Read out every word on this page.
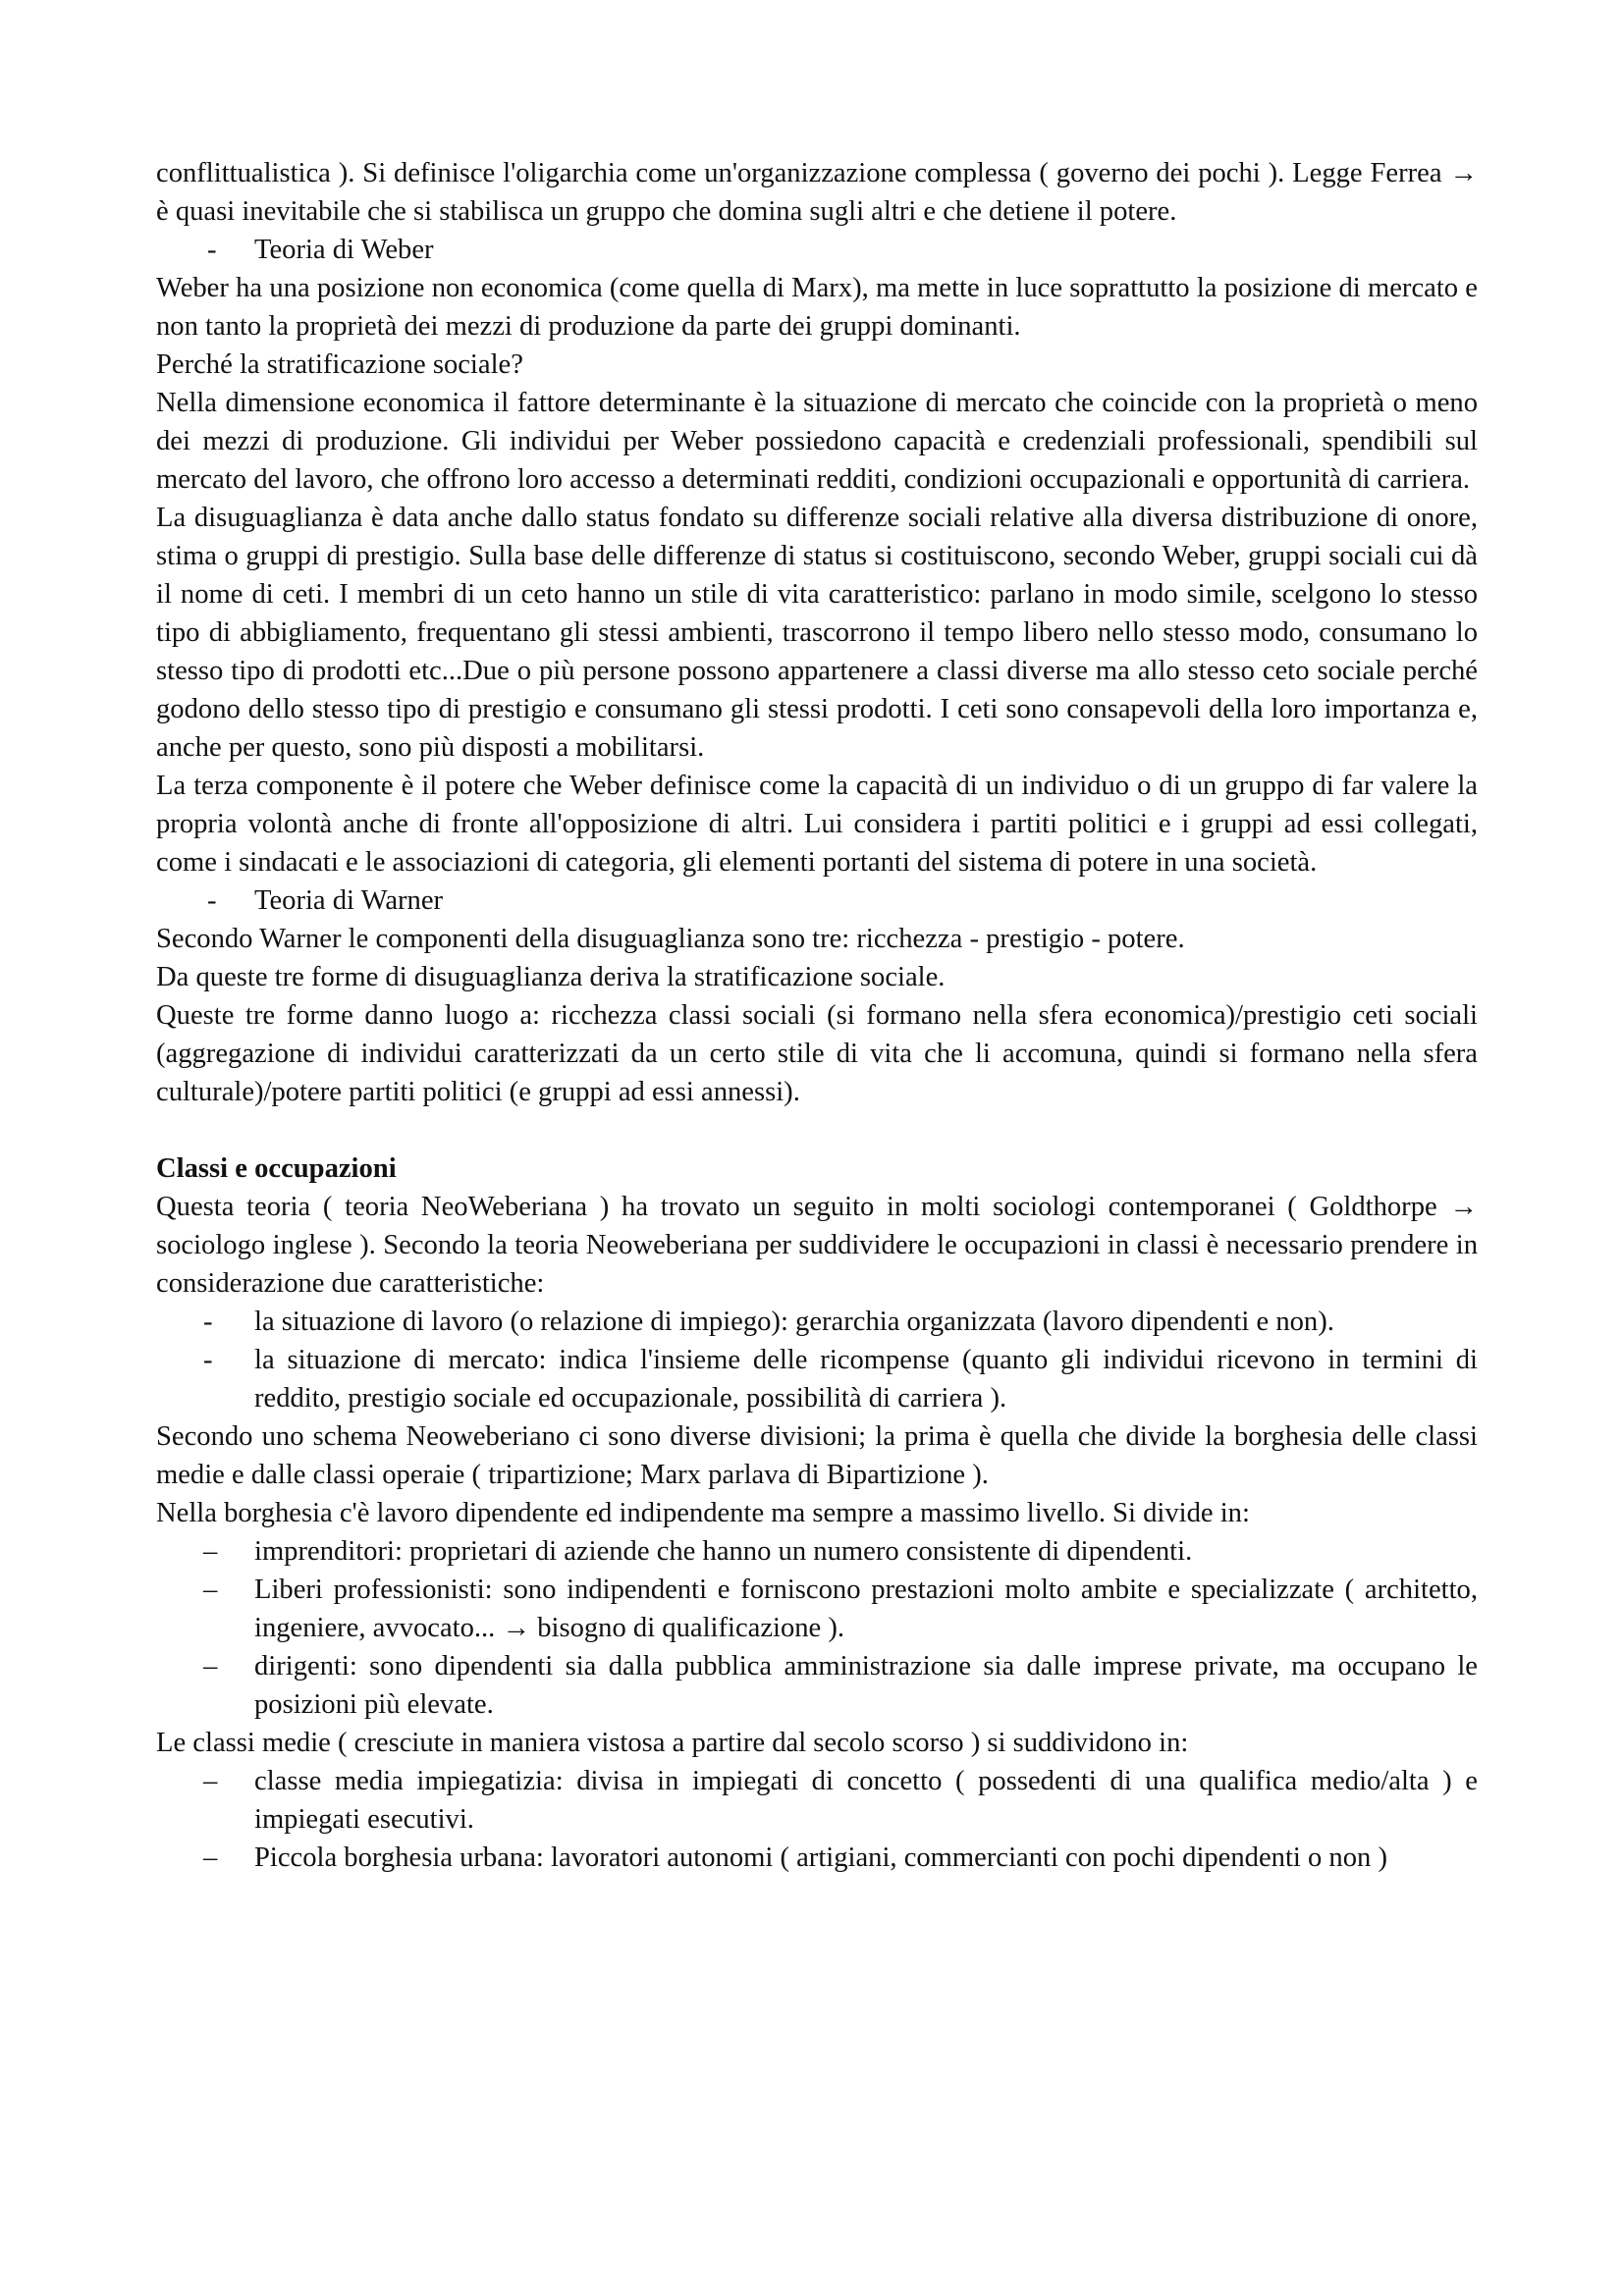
conflittualistica ). Si definisce l'oligarchia come un'organizzazione complessa ( governo dei pochi ). Legge Ferrea → è quasi inevitabile che si stabilisca un gruppo che domina sugli altri e che detiene il potere.

- Teoria di Weber

Weber ha una posizione non economica (come quella di Marx), ma mette in luce soprattutto la posizione di mercato e non tanto la proprietà dei mezzi di produzione da parte dei gruppi dominanti.

Perché la stratificazione sociale?

Nella dimensione economica il fattore determinante è la situazione di mercato che coincide con la proprietà o meno dei mezzi di produzione. Gli individui per Weber possiedono capacità e credenziali professionali, spendibili sul mercato del lavoro, che offrono loro accesso a determinati redditi, condizioni occupazionali e opportunità di carriera.

La disuguaglianza è data anche dallo status fondato su differenze sociali relative alla diversa distribuzione di onore, stima o gruppi di prestigio. Sulla base delle differenze di status si costituiscono, secondo Weber, gruppi sociali cui dà il nome di ceti. I membri di un ceto hanno un stile di vita caratteristico: parlano in modo simile, scelgono lo stesso tipo di abbigliamento, frequentano gli stessi ambienti, trascorrono il tempo libero nello stesso modo, consumano lo stesso tipo di prodotti etc...Due o più persone possono appartenere a classi diverse ma allo stesso ceto sociale perché godono dello stesso tipo di prestigio e consumano gli stessi prodotti. I ceti sono consapevoli della loro importanza e, anche per questo, sono più disposti a mobilitarsi.

La terza componente è il potere che Weber definisce come la capacità di un individuo o di un gruppo di far valere la propria volontà anche di fronte all'opposizione di altri. Lui considera i partiti politici e i gruppi ad essi collegati, come i sindacati e le associazioni di categoria, gli elementi portanti del sistema di potere in una società.

- Teoria di Warner

Secondo Warner le componenti della disuguaglianza sono tre: ricchezza - prestigio - potere.

Da queste tre forme di disuguaglianza deriva la stratificazione sociale.

Queste tre forme danno luogo a: ricchezza classi sociali (si formano nella sfera economica)/prestigio ceti sociali (aggregazione di individui caratterizzati da un certo stile di vita che li accomuna, quindi si formano nella sfera culturale)/potere partiti politici (e gruppi ad essi annessi).

Classi e occupazioni

Questa teoria ( teoria NeoWeberiana ) ha trovato un seguito in molti sociologi contemporanei ( Goldthorpe → sociologo inglese ). Secondo la teoria Neoweberiana per suddividere le occupazioni in classi è necessario prendere in considerazione due caratteristiche:

- la situazione di lavoro (o relazione di impiego): gerarchia organizzata (lavoro dipendenti e non).
- la situazione di mercato: indica l'insieme delle ricompense (quanto gli individui ricevono in termini di reddito, prestigio sociale ed occupazionale, possibilità di carriera ).

Secondo uno schema Neoweberiano ci sono diverse divisioni; la prima è quella che divide la borghesia delle classi medie e dalle classi operaie ( tripartizione; Marx parlava di Bipartizione ).

Nella borghesia c'è lavoro dipendente ed indipendente ma sempre a massimo livello. Si divide in:

– imprenditori: proprietari di aziende che hanno un numero consistente di dipendenti.
– Liberi professionisti: sono indipendenti e forniscono prestazioni molto ambite e specializzate ( architetto, ingeniere, avvocato... → bisogno di qualificazione ).
– dirigenti: sono dipendenti sia dalla pubblica amministrazione sia dalle imprese private, ma occupano le posizioni più elevate.

Le classi medie ( cresciute in maniera vistosa a partire dal secolo scorso ) si suddividono in:

– classe media impiegatizia: divisa in impiegati di concetto ( possedenti di una qualifica medio/alta ) e impiegati esecutivi.
– Piccola borghesia urbana: lavoratori autonomi ( artigiani, commercianti con pochi dipendenti o non )
